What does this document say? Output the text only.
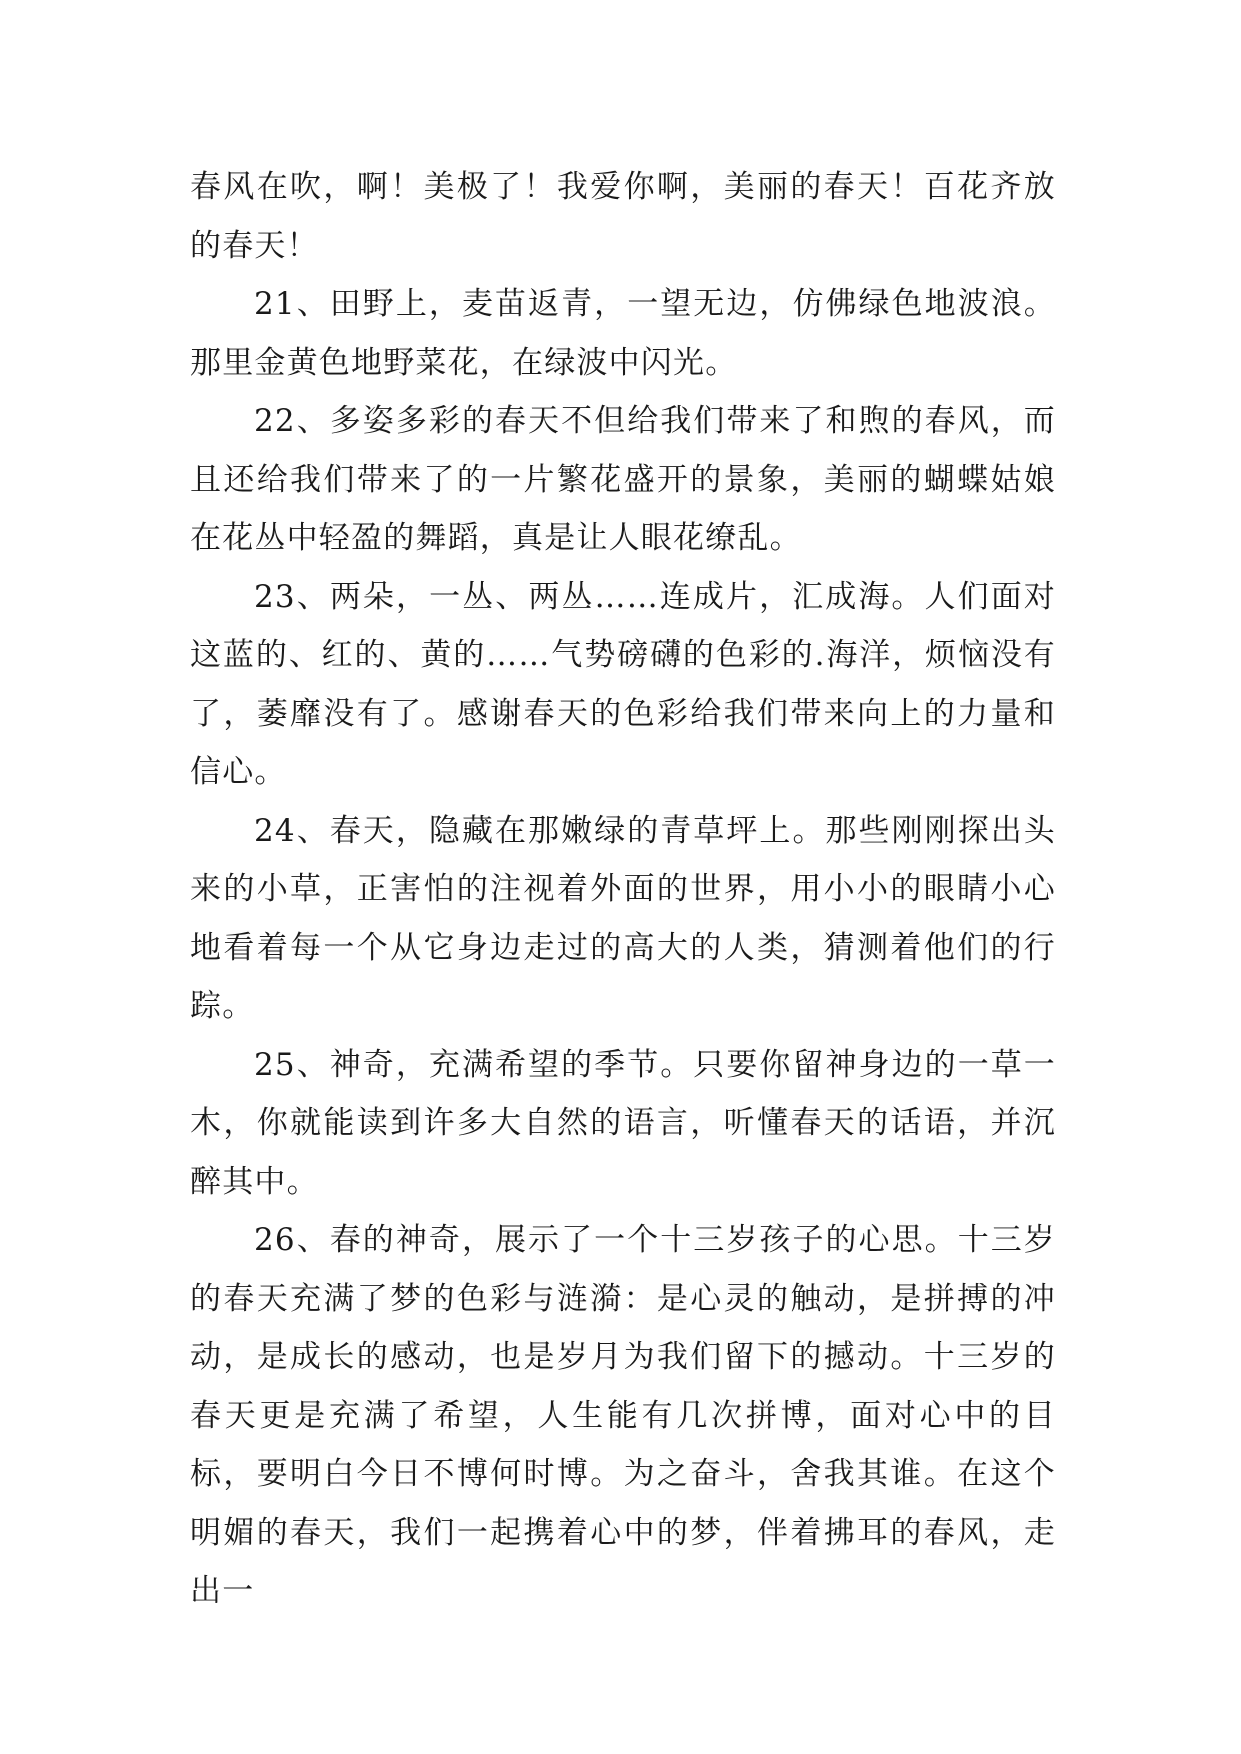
春风在吹，啊！美极了！我爱你啊，美丽的春天！百花齐放的春天！

21、田野上，麦苗返青，一望无边，仿佛绿色地波浪。那里金黄色地野菜花，在绿波中闪光。

22、多姿多彩的春天不但给我们带来了和煦的春风，而且还给我们带来了的一片繁花盛开的景象，美丽的蝴蝶姑娘在花丛中轻盈的舞蹈，真是让人眼花缭乱。

23、两朵，一丛、两丛……连成片，汇成海。人们面对这蓝的、红的、黄的……气势磅礴的色彩的.海洋，烦恼没有了，萎靡没有了。感谢春天的色彩给我们带来向上的力量和信心。

24、春天，隐藏在那嫩绿的青草坪上。那些刚刚探出头来的小草，正害怕的注视着外面的世界，用小小的眼睛小心地看着每一个从它身边走过的高大的人类，猜测着他们的行踪。

25、神奇，充满希望的季节。只要你留神身边的一草一木，你就能读到许多大自然的语言，听懂春天的话语，并沉醉其中。

26、春的神奇，展示了一个十三岁孩子的心思。十三岁的春天充满了梦的色彩与涟漪：是心灵的触动，是拼搏的冲动，是成长的感动，也是岁月为我们留下的撼动。十三岁的春天更是充满了希望，人生能有几次拼博，面对心中的目标，要明白今日不博何时博。为之奋斗，舍我其谁。在这个明媚的春天，我们一起携着心中的梦，伴着拂耳的春风，走出一
